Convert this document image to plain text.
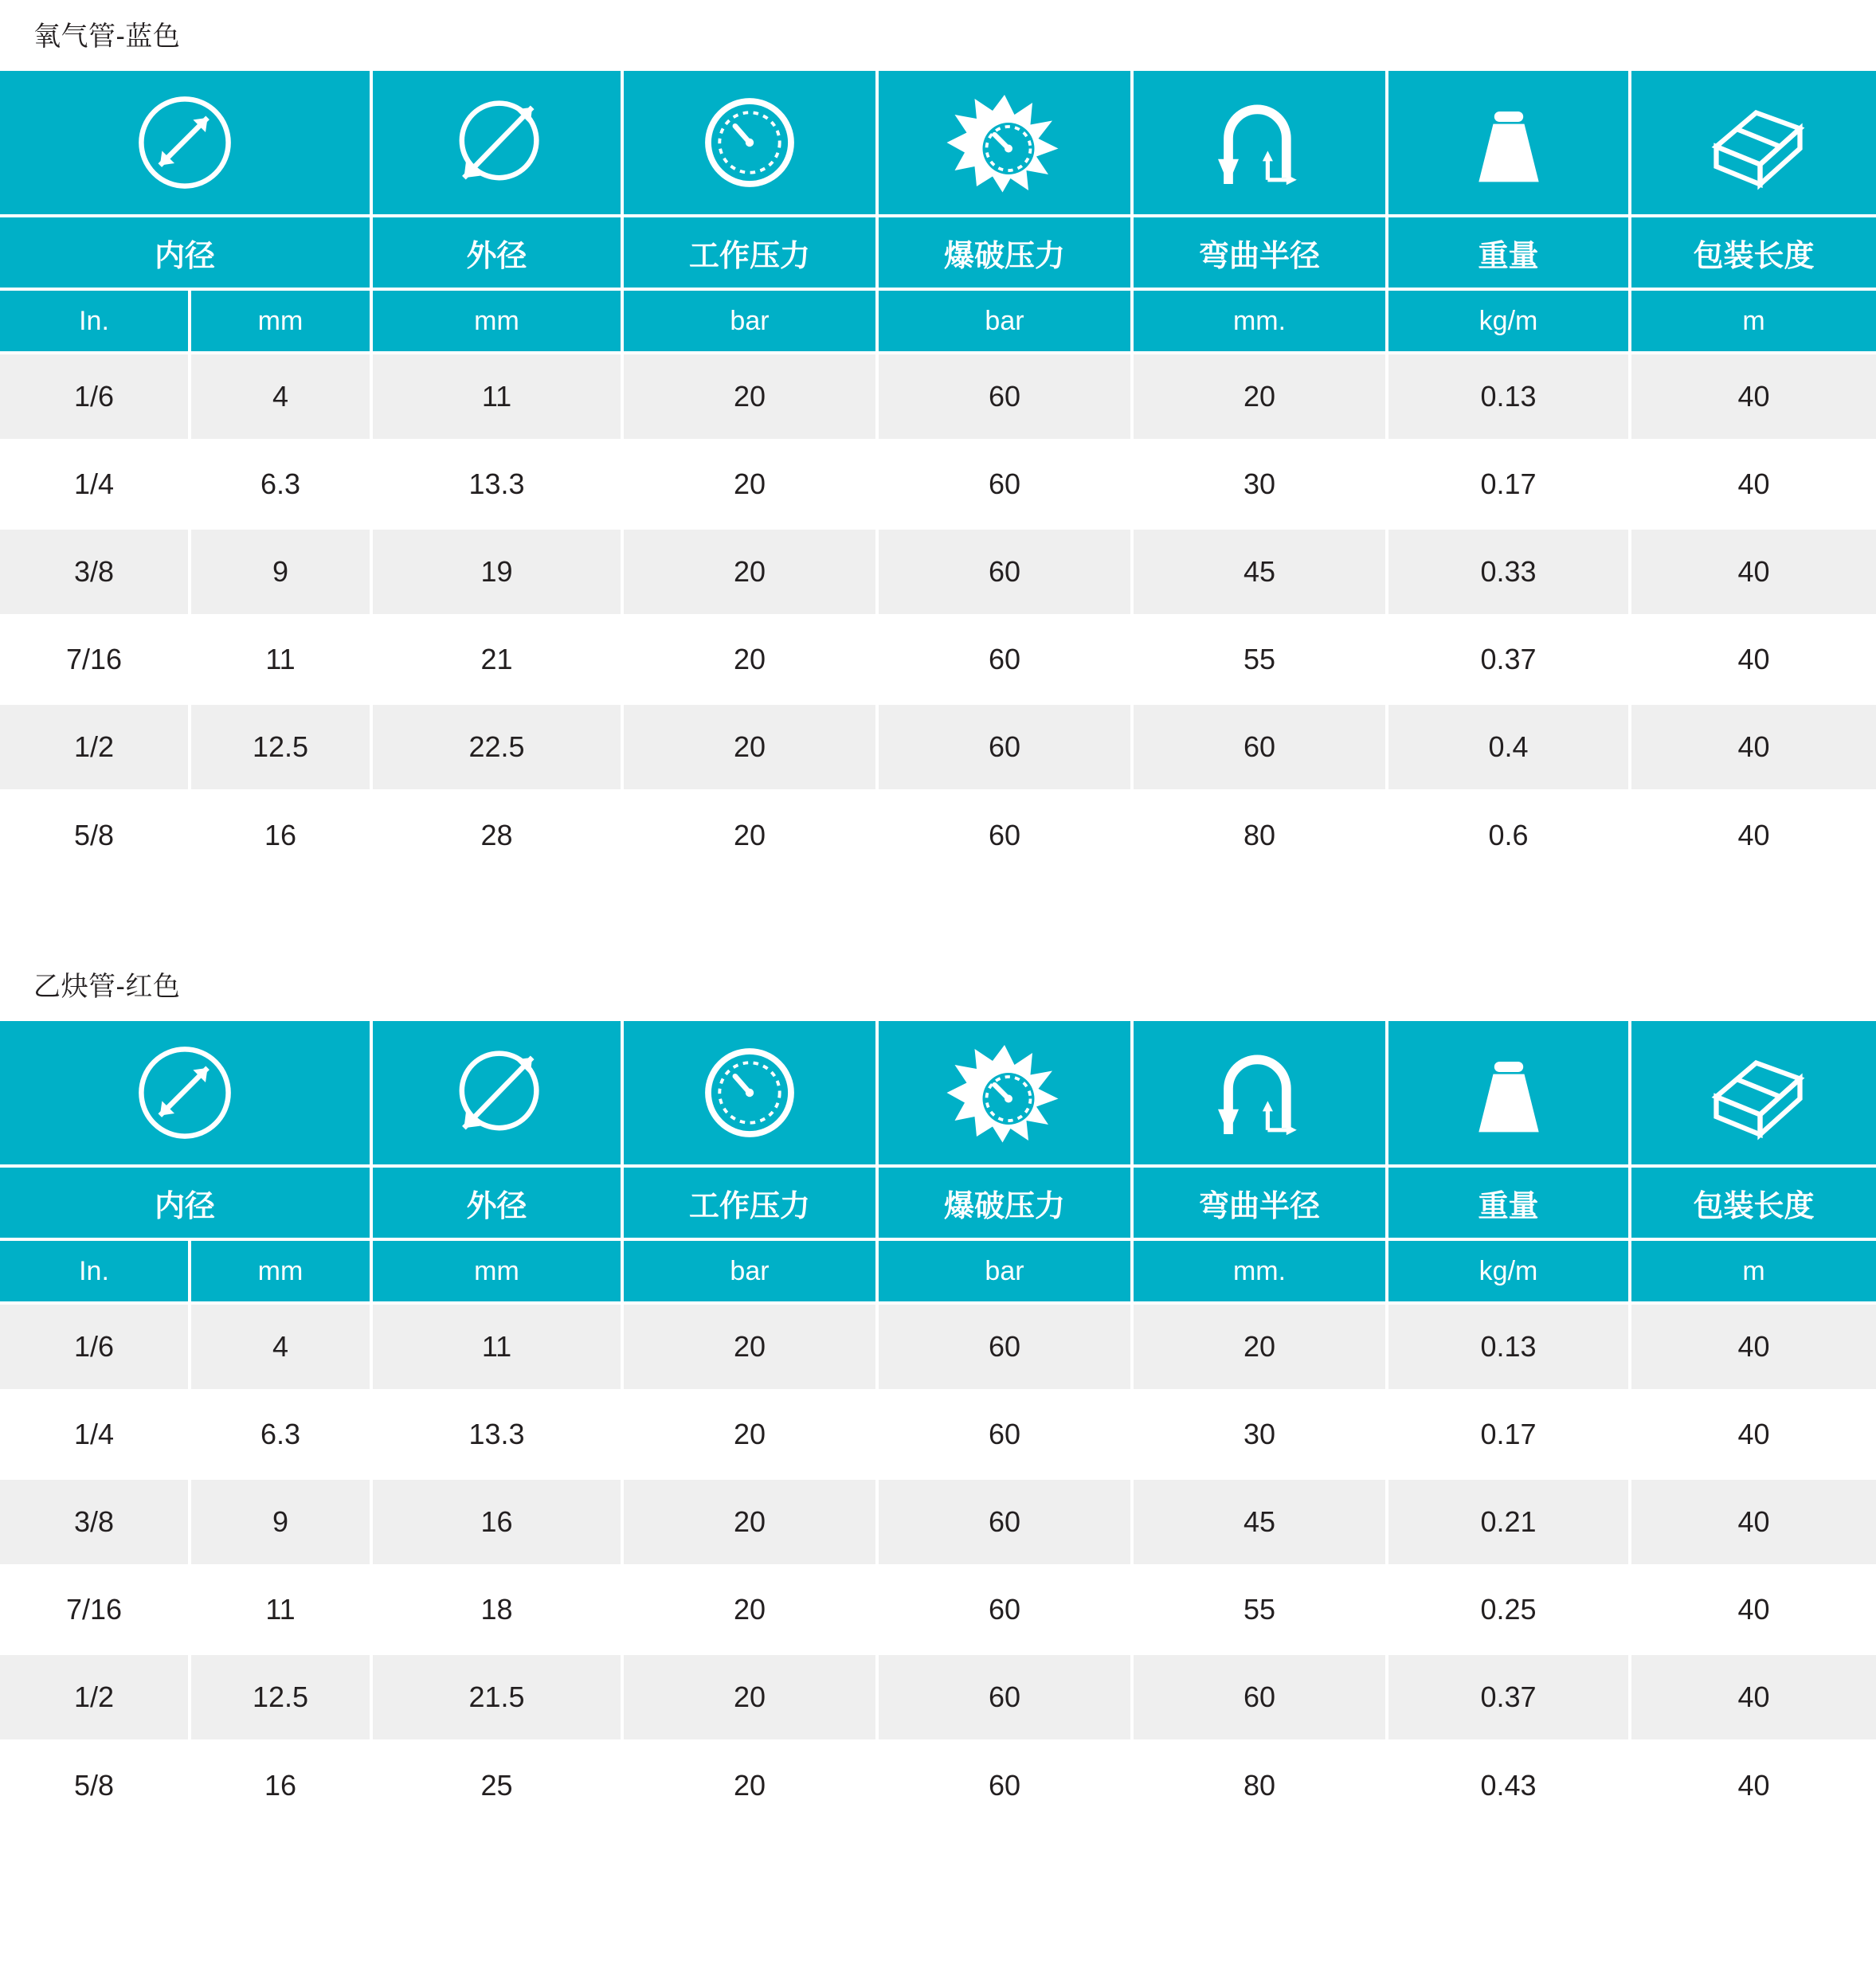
氧气管-蓝色

内径		外径	工作压力	爆破压力	弯曲半径	重量	包装长度
In.	mm	mm	bar	bar	mm.	kg/m	m
1/6	4	11	20	60	20	0.13	40
1/4	6.3	13.3	20	60	30	0.17	40
3/8	9	19	20	60	45	0.33	40
7/16	11	21	20	60	55	0.37	40
1/2	12.5	22.5	20	60	60	0.4	40
5/8	16	28	20	60	80	0.6	40
乙炔管-红色

内径		外径	工作压力	爆破压力	弯曲半径	重量	包装长度
In.	mm	mm	bar	bar	mm.	kg/m	m
1/6	4	11	20	60	20	0.13	40
1/4	6.3	13.3	20	60	30	0.17	40
3/8	9	16	20	60	45	0.21	40
7/16	11	18	20	60	55	0.25	40
1/2	12.5	21.5	20	60	60	0.37	40
5/8	16	25	20	60	80	0.43	40
